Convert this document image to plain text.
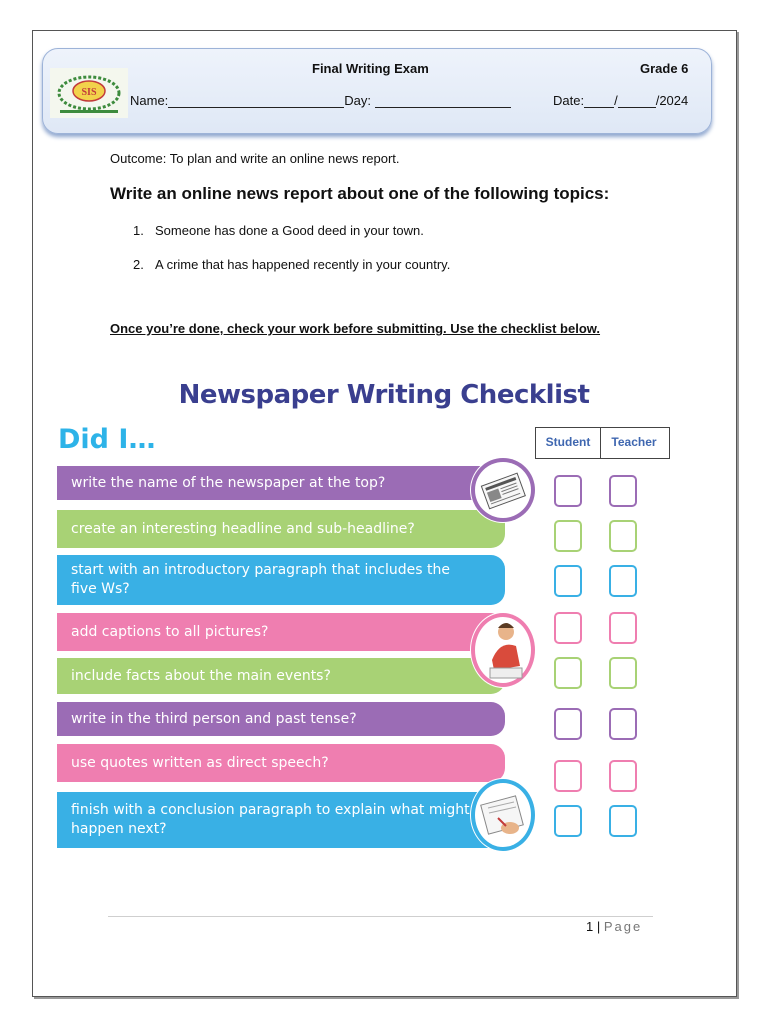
SIS
Final Writing Exam	Grade 6
Name:	Day:	Date: /	/2024
Outcome: To plan and write an online news report.
Write an online news report about one of the following topics:
1. Someone has done a Good deed in your town.
2. A crime that has happened recently in your country.
Once you’re done, check your work before submitting. Use the checklist below.
Newspaper Writing Checklist
Did I…	Student	Teacher
write the name of the newspaper at the top?
create an interesting headline and sub-headline?
start with an introductory paragraph that includes the
five Ws?
add captions to all pictures?
include facts about the main events?
write in the third person and past tense?
use quotes written as direct speech?
finish with a conclusion paragraph to explain what might
happen next?
1 | Page
